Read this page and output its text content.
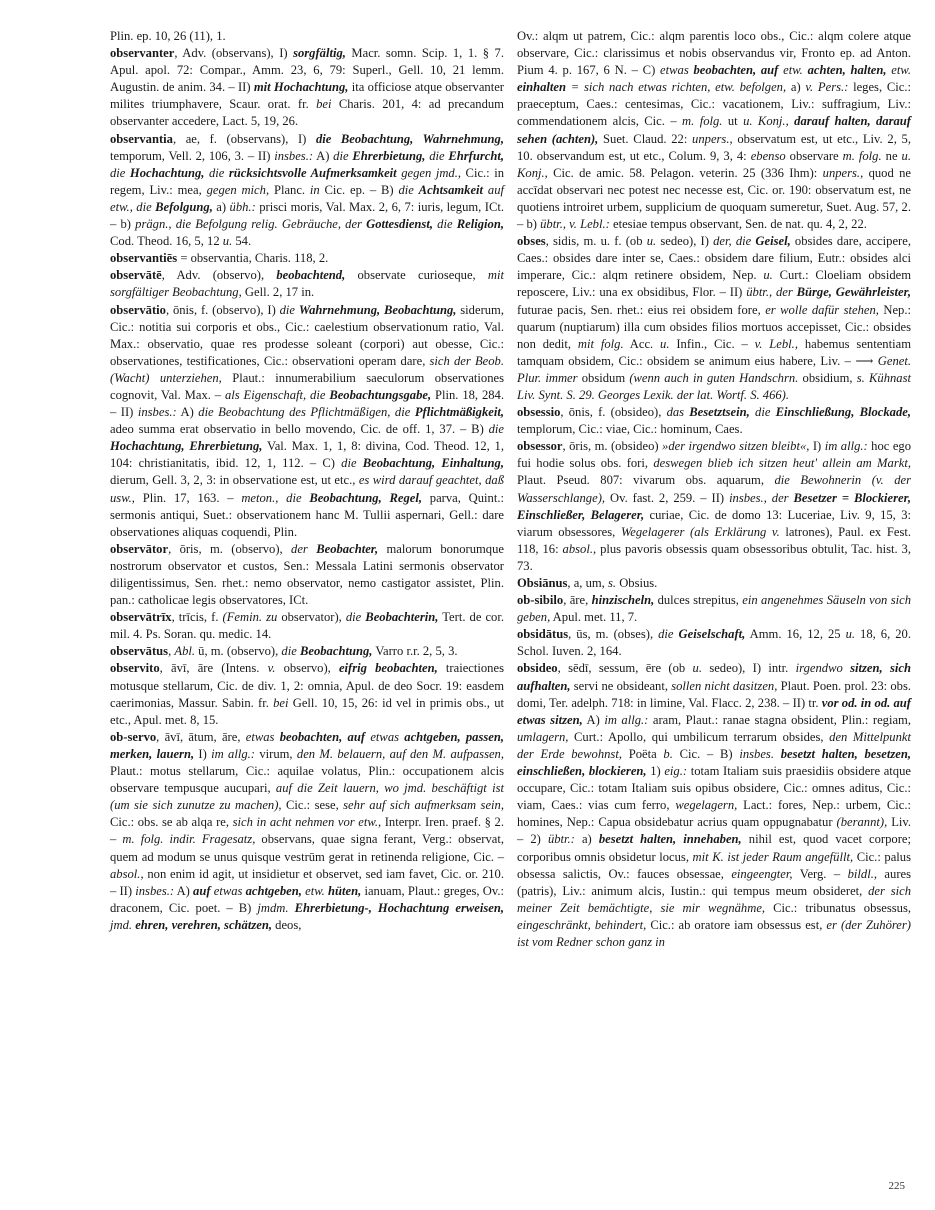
Plin. ep. 10, 26 (11), 1.

observanter, Adv. (observans), I) sorgfältig, Macr. somn. Scip. 1, 1. § 7. Apul. apol. 72: Compar., Amm. 23, 6, 79: Superl., Gell. 10, 21 lemm. Augustin. de anim. 34. – II) mit Hochachtung, ita officiose atque observanter milites triumphavere, Scaur. orat. fr. bei Charis. 201, 4: ad precandum observanter accedere, Lact. 5, 19, 26.

observantia, ae, f. (observans), I) die Beobachtung, Wahrnehmung, temporum, Vell. 2, 106, 3. – II) insbes.: A) die Ehrerbietung, die Ehrfurcht, die Hochachtung, die rücksichtsvolle Aufmerksamkeit gegen jmd., Cic.: in regem, Liv.: mea, gegen mich, Planc. in Cic. ep. – B) die Achtsamkeit auf etw., die Befolgung, a) übh.: prisci moris, Val. Max. 2, 6, 7: iuris, legum, ICt. – b) prägn., die Befolgung relig. Gebräuche, der Gottesdienst, die Religion, Cod. Theod. 16, 5, 12 u. 54.

observantiēs = observantia, Charis. 118, 2.

observātē, Adv. (observo), beobachtend, observate curioseque, mit sorgfältiger Beobachtung, Gell. 2, 17 in.

observātio, ōnis, f. (observo), I) die Wahrnehmung, Beobachtung, siderum, Cic.: notitia sui corporis et obs., Cic.: caelestium observationum ratio, Val. Max.: observatio, quae res prodesse soleant (corpori) aut obesse, Cic.: observationes, testificationes, Cic.: observationi operam dare, sich der Beob. (Wacht) unterziehen, Plaut.: innumerabilium saeculorum observationes cognovit, Val. Max. – als Eigenschaft, die Beobachtungsgabe, Plin. 18, 284. – II) insbes.: A) die Beobachtung des Pflichtmäßigen, die Pflichtmäßigkeit, adeo summa erat observatio in bello movendo, Cic. de off. 1, 37. – B) die Hochachtung, Ehrerbietung, Val. Max. 1, 1, 8: divina, Cod. Theod. 12, 1, 104: christianitatis, ibid. 12, 1, 112. – C) die Beobachtung, Einhaltung, dierum, Gell. 3, 2, 3: in observatione est, ut etc., es wird darauf geachtet, daß usw., Plin. 17, 163. – meton., die Beobachtung, Regel, parva, Quint.: sermonis antiqui, Suet.: observationem hanc M. Tullii aspernari, Gell.: dare observationes aliquas coquendi, Plin.

observātor, ōris, m. (observo), der Beobachter, malorum bonorumque nostrorum observator et custos, Sen.: Messala Latini sermonis observator diligentissimus, Sen. rhet.: nemo observator, nemo castigator assistet, Plin. pan.: catholicae legis observatores, ICt.

observātrīx, trīcis, f. (Femin. zu observator), die Beobachterin, Tert. de cor. mil. 4. Ps. Soran. qu. medic. 14.

observātus, Abl. ū, m. (observo), die Beobachtung, Varro r.r. 2, 5, 3.

observito, āvī, āre (Intens. v. observo), eifrig beobachten, traiectiones motusque stellarum, Cic. de div. 1, 2: omnia, Apul. de deo Socr. 19: easdem caerimonias, Massur. Sabin. fr. bei Gell. 10, 15, 26: id vel in primis obs., ut etc., Apul. met. 8, 15.

ob-servo, āvī, ātum, āre, etwas beobachten, auf etwas achtgeben, passen, merken, lauern, I) im allg.: virum, den M. belauern, auf den M. aufpassen, Plaut.: motus stellarum, Cic.: aquilae volatus, Plin.: occupationem alcis observare tempusque aucupari, auf die Zeit lauern, wo jmd. beschäftigt ist (um sie sich zunutze zu machen), Cic.: sese, sehr auf sich aufmerksam sein, Cic.: obs. se ab alqa re, sich in acht nehmen vor etw., Interpr. Iren. praef. § 2. – m. folg. indir. Fragesatz, observans, quae signa ferant, Verg.: observat, quem ad modum se unus quisque vestrūm gerat in retinenda religione, Cic. – absol., non enim id agit, ut insidietur et observet, sed iam favet, Cic. or. 210. – II) insbes.: A) auf etwas achtgeben, etw. hüten, ianuam, Plaut.: greges, Ov.: draconem, Cic. poet. – B) jmdm. Ehrerbietung-, Hochachtung erweisen, jmd. ehren, verehren, schätzen, deos,

Ov.: alqm ut patrem, Cic.: alqm parentis loco obs., Cic.: alqm colere atque observare, Cic.: clarissimus et nobis observandus vir, Fronto ep. ad Anton. Pium 4. p. 167, 6 N. – C) etwas beobachten, auf etw. achten, halten, etw. einhalten = sich nach etwas richten, etw. befolgen, a) v. Pers.: leges, Cic.: praeceptum, Caes.: centesimas, Cic.: vacationem, Liv.: suffragium, Liv.: commendationem alcis, Cic. – m. folg. ut u. Konj., darauf halten, darauf sehen (achten), Suet. Claud. 22: unpers., observatum est, ut etc., Liv. 2, 5, 10. observandum est, ut etc., Colum. 9, 3, 4: ebenso observare m. folg. ne u. Konj., Cic. de amic. 58. Pelagon. veterin. 25 (336 Ihm): unpers., quod ne accīdat observari nec potest nec necesse est, Cic. or. 190: observatum est, ne quotiens introiret urbem, supplicium de quoquam sumeretur, Suet. Aug. 57, 2. – b) übtr., v. Lebl.: etesiae tempus observant, Sen. de nat. qu. 4, 2, 22.

obses, sidis, m. u. f. (ob u. sedeo), I) der, die Geisel, obsides dare, accipere, Caes.: obsides dare inter se, Caes.: obsidem dare filium, Eutr.: obsides alci imperare, Cic.: alqm retinere obsidem, Nep. u. Curt.: Cloeliam obsidem reposcere, Liv.: una ex obsidibus, Flor. – II) übtr., der Bürge, Gewährleister, futurae pacis, Sen. rhet.: eius rei obsidem fore, er wolle dafür stehen, Nep.: quarum (nuptiarum) illa cum obsides filios mortuos accepisset, Cic.: obsides non dedit, mit folg. Acc. u. Infin., Cic. – v. Lebl., habemus sententiam tamquam obsidem, Cic.: obsidem se animum eius habere, Liv. – ⟶ Genet. Plur. immer obsidum (wenn auch in guten Handschrn. obsidium, s. Kühnast Liv. Synt. S. 29. Georges Lexik. der lat. Wortf. S. 466).

obsessio, ōnis, f. (obsideo), das Besetztsein, die Einschließung, Blockade, templorum, Cic.: viae, Cic.: hominum, Caes.

obsessor, ōris, m. (obsideo) »der irgendwo sitzen bleibt«, I) im allg.: hoc ego fui hodie solus obs. fori, deswegen blieb ich sitzen heut' allein am Markt, Plaut. Pseud. 807: vivarum obs. aquarum, die Bewohnerin (v. der Wasserschlange), Ov. fast. 2, 259. – II) insbes., der Besetzer = Blockierer, Einschließer, Belagerer, curiae, Cic. de domo 13: Luceriae, Liv. 9, 15, 3: viarum obsessores, Wegelagerer (als Erklärung v. latrones), Paul. ex Fest. 118, 16: absol., plus pavoris obsessis quam obsessoribus obtulit, Tac. hist. 3, 73.

Obsiānus, a, um, s. Obsius.

ob-sibilo, āre, hinzischeln, dulces strepitus, ein angenehmes Säuseln von sich geben, Apul. met. 11, 7.

obsidātus, ūs, m. (obses), die Geiselschaft, Amm. 16, 12, 25 u. 18, 6, 20. Schol. Iuven. 2, 164.

obsideo, sēdī, sessum, ēre (ob u. sedeo), I) intr. irgendwo sitzen, sich aufhalten, servi ne obsideant, sollen nicht dasitzen, Plaut. Poen. prol. 23: obs. domi, Ter. adelph. 718: in limine, Val. Flacc. 2, 238. – II) tr. vor od. in od. auf etwas sitzen, A) im allg.: aram, Plaut.: ranae stagna obsident, Plin.: regiam, umlagern, Curt.: Apollo, qui umbilicum terrarum obsides, den Mittelpunkt der Erde bewohnst, Poëta b. Cic. – B) insbes. besetzt halten, besetzen, einschließen, blockieren, 1) eig.: totam Italiam suis praesidiis obsidere atque occupare, Cic.: totam Italiam suis opibus obsidere, Cic.: omnes aditus, Cic.: viam, Caes.: vias cum ferro, wegelagern, Lact.: fores, Nep.: urbem, Cic.: homines, Nep.: Capua obsidebatur acrius quam oppugnabatur (berannt), Liv. – 2) übtr.: a) besetzt halten, innehaben, nihil est, quod vacet corpore; corporibus omnis obsidetur locus, mit K. ist jeder Raum angefüllt, Cic.: palus obsessa salictis, Ov.: fauces obsessae, eingeengter, Verg. – bildl., aures (patris), Liv.: animum alcis, Iustin.: qui tempus meum obsideret, der sich meiner Zeit bemächtigte, sie mir wegnähme, Cic.: tribunatus obsessus, eingeschränkt, behindert, Cic.: ab oratore iam obsessus est, er (der Zuhörer) ist vom Redner schon ganz in

225
